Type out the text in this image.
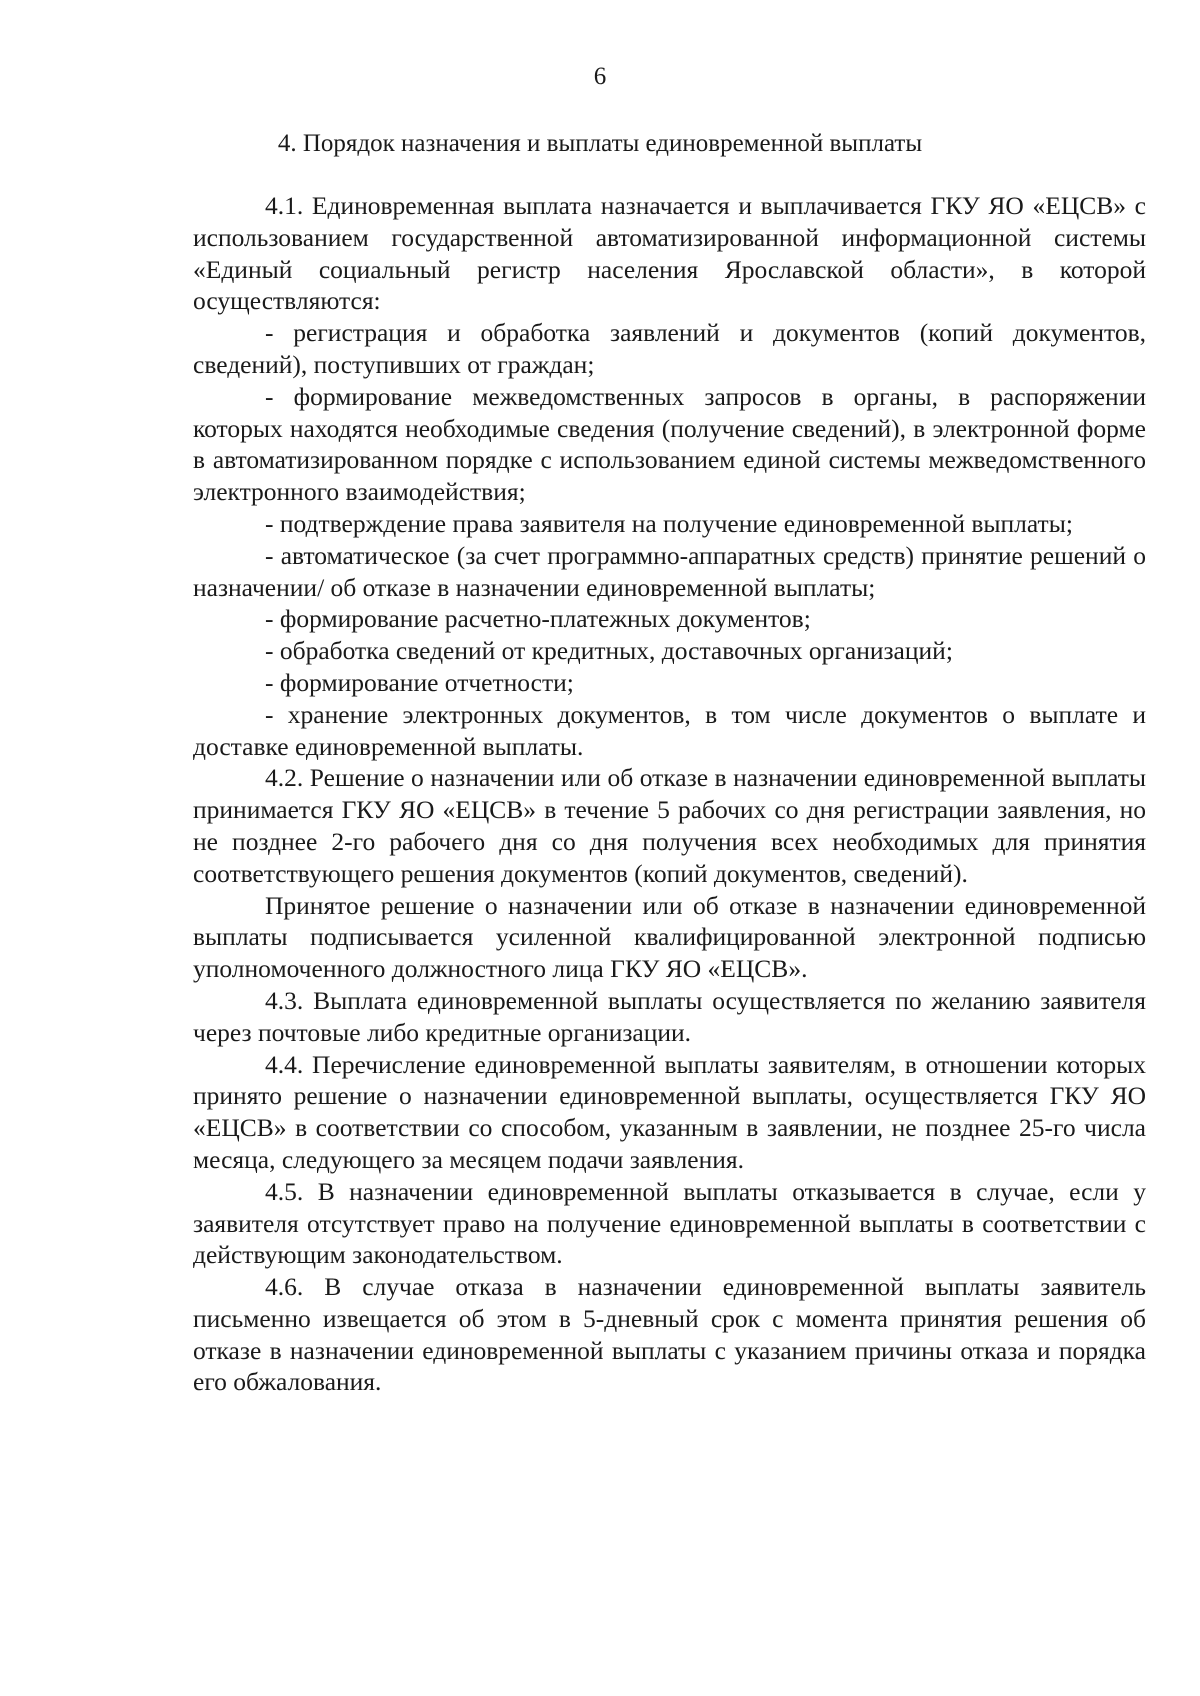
6
4. Порядок назначения и выплаты единовременной выплаты

4.1. Единовременная выплата назначается и выплачивается ГКУ ЯО «ЕЦСВ» с использованием государственной автоматизированной информационной системы «Единый социальный регистр населения Ярославской области», в которой осуществляются:

- регистрация и обработка заявлений и документов (копий документов, сведений), поступивших от граждан;

- формирование межведомственных запросов в органы, в распоряжении которых находятся необходимые сведения (получение сведений), в электронной форме в автоматизированном порядке с использованием единой системы межведомственного электронного взаимодействия;

- подтверждение права заявителя на получение единовременной выплаты;

- автоматическое (за счет программно-аппаратных средств) принятие решений о назначении/ об отказе в назначении единовременной выплаты;

- формирование расчетно-платежных документов;

- обработка сведений от кредитных, доставочных организаций;

- формирование отчетности;

- хранение электронных документов, в том числе документов о выплате и доставке единовременной выплаты.

4.2. Решение о назначении или об отказе в назначении единовременной выплаты принимается ГКУ ЯО «ЕЦСВ» в течение 5 рабочих со дня регистрации заявления, но не позднее 2-го рабочего дня со дня получения всех необходимых для принятия соответствующего решения документов (копий документов, сведений).

Принятое решение о назначении или об отказе в назначении единовременной выплаты подписывается усиленной квалифицированной электронной подписью уполномоченного должностного лица ГКУ ЯО «ЕЦСВ».

4.3. Выплата единовременной выплаты осуществляется по желанию заявителя через почтовые либо кредитные организации.

4.4. Перечисление единовременной выплаты заявителям, в отношении которых принято решение о назначении единовременной выплаты, осуществляется ГКУ ЯО «ЕЦСВ» в соответствии со способом, указанным в заявлении, не позднее 25-го числа месяца, следующего за месяцем подачи заявления.

4.5. В назначении единовременной выплаты отказывается в случае, если у заявителя отсутствует право на получение единовременной выплаты в соответствии с действующим законодательством.

4.6. В случае отказа в назначении единовременной выплаты заявитель письменно извещается об этом в 5-дневный срок с момента принятия решения об отказе в назначении единовременной выплаты с указанием причины отказа и порядка его обжалования.
